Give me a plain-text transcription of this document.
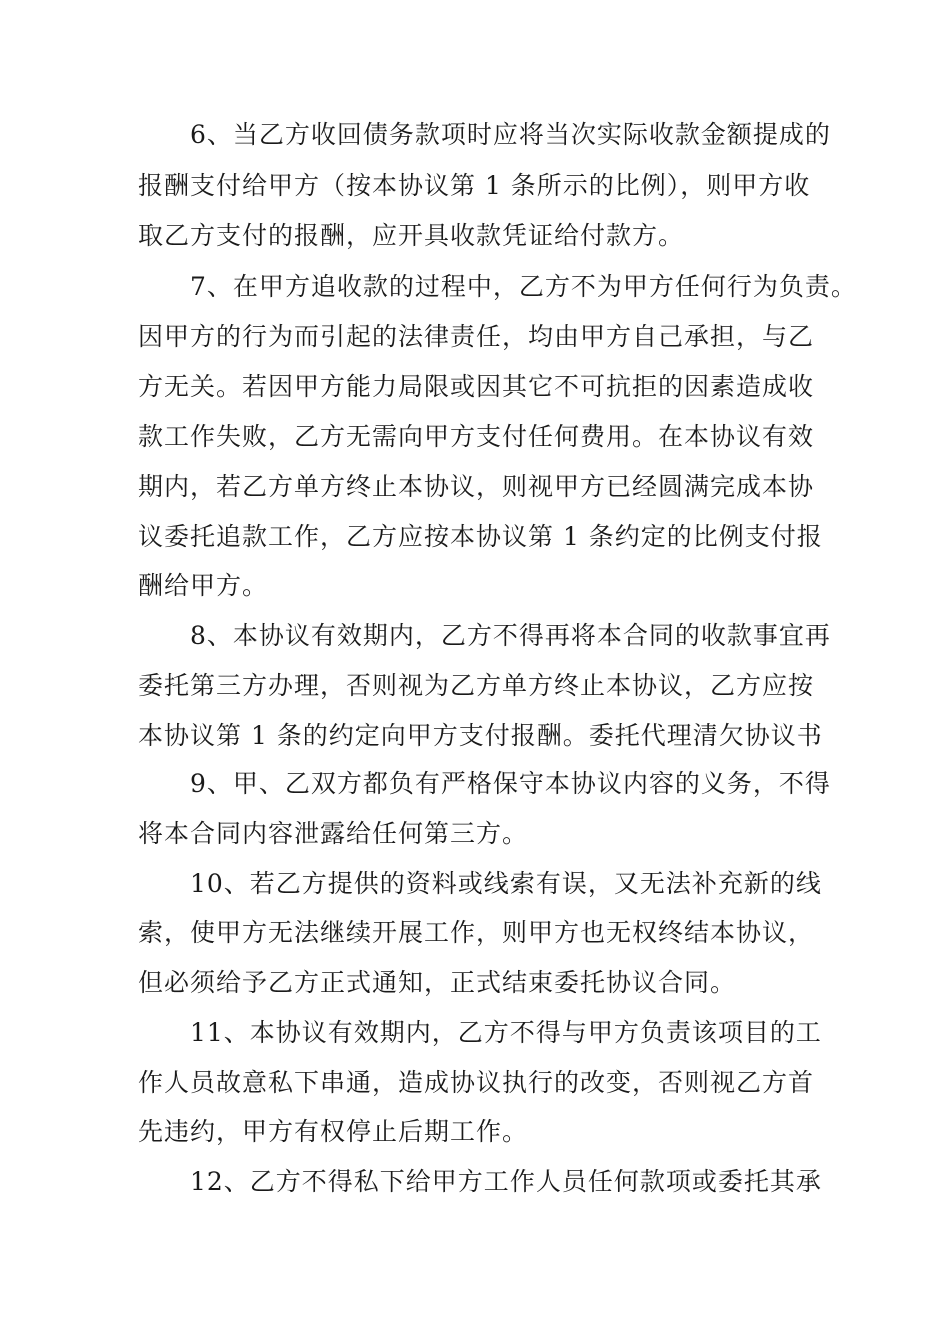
6、当乙方收回债务款项时应将当次实际收款金额提成的
报酬支付给甲方（按本协议第 1 条所示的比例），则甲方收
取乙方支付的报酬，应开具收款凭证给付款方。
7、在甲方追收款的过程中，乙方不为甲方任何行为负责。
因甲方的行为而引起的法律责任，均由甲方自己承担，与乙
方无关。若因甲方能力局限或因其它不可抗拒的因素造成收
款工作失败，乙方无需向甲方支付任何费用。在本协议有效
期内，若乙方单方终止本协议，则视甲方已经圆满完成本协
议委托追款工作，乙方应按本协议第 1 条约定的比例支付报
酬给甲方。
8、本协议有效期内，乙方不得再将本合同的收款事宜再
委托第三方办理，否则视为乙方单方终止本协议，乙方应按
本协议第 1 条的约定向甲方支付报酬。委托代理清欠协议书
9、甲、乙双方都负有严格保守本协议内容的义务，不得
将本合同内容泄露给任何第三方。
10、若乙方提供的资料或线索有误，又无法补充新的线
索，使甲方无法继续开展工作，则甲方也无权终结本协议，
但必须给予乙方正式通知，正式结束委托协议合同。
11、本协议有效期内，乙方不得与甲方负责该项目的工
作人员故意私下串通，造成协议执行的改变，否则视乙方首
先违约，甲方有权停止后期工作。
12、乙方不得私下给甲方工作人员任何款项或委托其承
